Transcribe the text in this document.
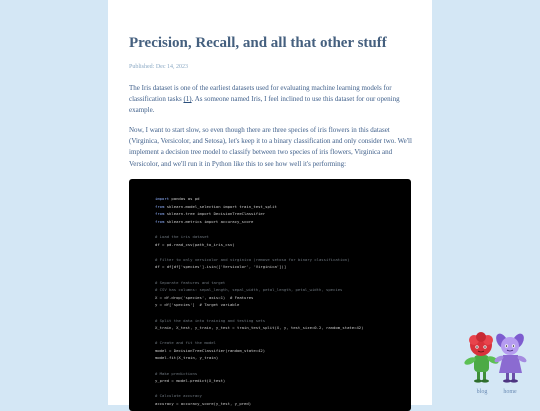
Precision, Recall, and all that other stuff
Published: Dec 14, 2023

The Iris dataset is one of the earliest datasets used for evaluating machine learning models for classification tasks (1). As someone named Iris, I feel inclined to use this dataset for our opening example.

Now, I want to start slow, so even though there are three species of iris flowers in this dataset (Virginica, Versicolor, and Setosa), let's keep it to a binary classification and only consider two. We'll implement a decision tree model to classify between two species of iris flowers, Virginica and Versicolor, and we'll run it in Python like this to see how well it's performing:

import pandas as pd
from sklearn.model_selection import train_test_split
from sklearn.tree import DecisionTreeClassifier
from sklearn.metrics import accuracy_score
# Load the iris dataset
df = pd.read_csv(path_to_iris_csv)
# Filter to only versicolor and virginica (remove setosa for binary classification)
df = df[df['species'].isin(['Versicolor', 'Virginica'])]
# Separate features and target
# CSV has columns: sepal_length, sepal_width, petal_length, petal_width, species
X = df.drop('species', axis=1)  # Features
y = df['species']  # Target variable
# Split the data into training and testing sets
X_train, X_test, y_train, y_test = train_test_split(X, y, test_size=0.2, random_state=42)
# Create and fit the model
model = DecisionTreeClassifier(random_state=42)
model.fit(X_train, y_train)
# Make predictions
y_pred = model.predict(X_test)
# Calculate accuracy
accuracy = accuracy_score(y_test, y_pred)
blog	home
